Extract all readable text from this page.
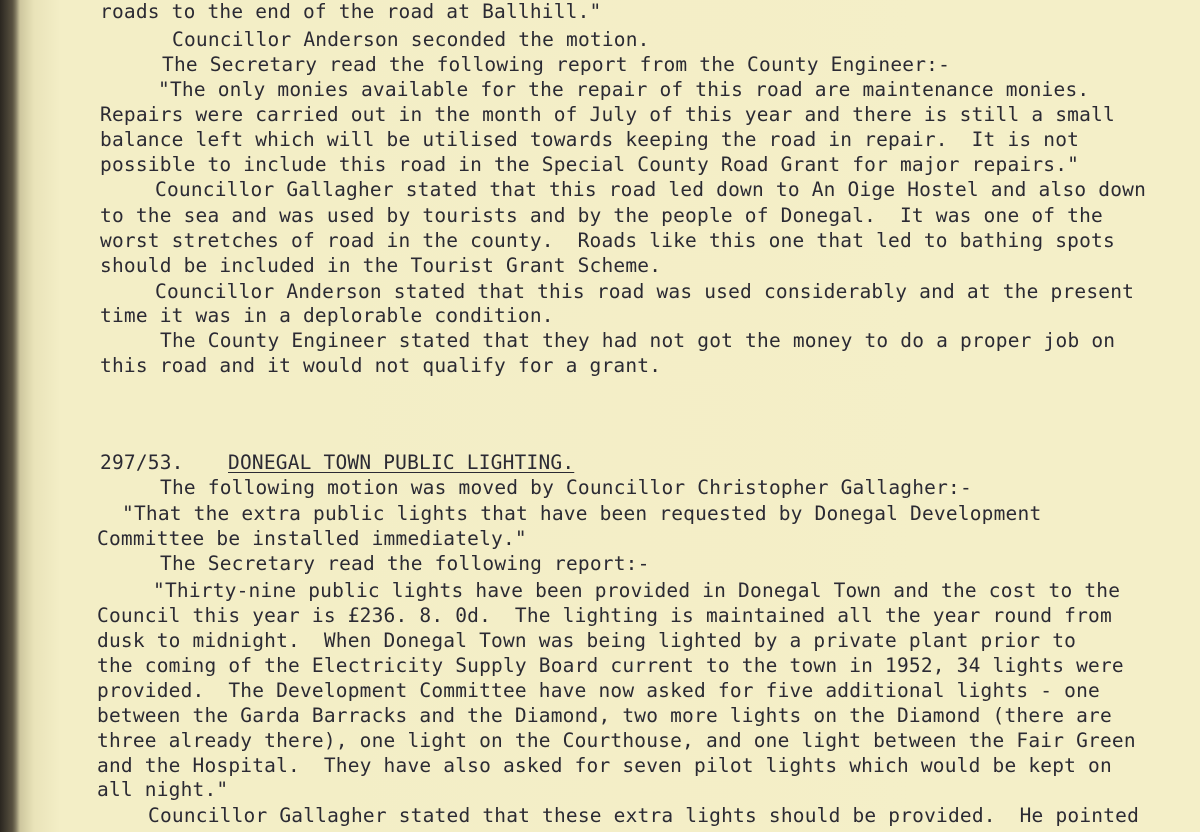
roads to the end of the road at Ballhill."
Councillor Anderson seconded the motion.
The Secretary read the following report from the County Engineer:-
"The only monies available for the repair of this road are maintenance monies.
Repairs were carried out in the month of July of this year and there is still a small
balance left which will be utilised towards keeping the road in repair.  It is not
possible to include this road in the Special County Road Grant for major repairs."
Councillor Gallagher stated that this road led down to An Oige Hostel and also down
to the sea and was used by tourists and by the people of Donegal.  It was one of the
worst stretches of road in the county.  Roads like this one that led to bathing spots
should be included in the Tourist Grant Scheme.
Councillor Anderson stated that this road was used considerably and at the present
time it was in a deplorable condition.
The County Engineer stated that they had not got the money to do a proper job on
this road and it would not qualify for a grant.
297/53. DONEGAL TOWN PUBLIC LIGHTING.
The following motion was moved by Councillor Christopher Gallagher:-
"That the extra public lights that have been requested by Donegal Development
Committee be installed immediately."
The Secretary read the following report:-
"Thirty-nine public lights have been provided in Donegal Town and the cost to the
Council this year is £236. 8. 0d.  The lighting is maintained all the year round from
dusk to midnight.  When Donegal Town was being lighted by a private plant prior to
the coming of the Electricity Supply Board current to the town in 1952, 34 lights were
provided.  The Development Committee have now asked for five additional lights - one
between the Garda Barracks and the Diamond, two more lights on the Diamond (there are
three already there), one light on the Courthouse, and one light between the Fair Green
and the Hospital.  They have also asked for seven pilot lights which would be kept on
all night."
Councillor Gallagher stated that these extra lights should be provided.  He pointed
